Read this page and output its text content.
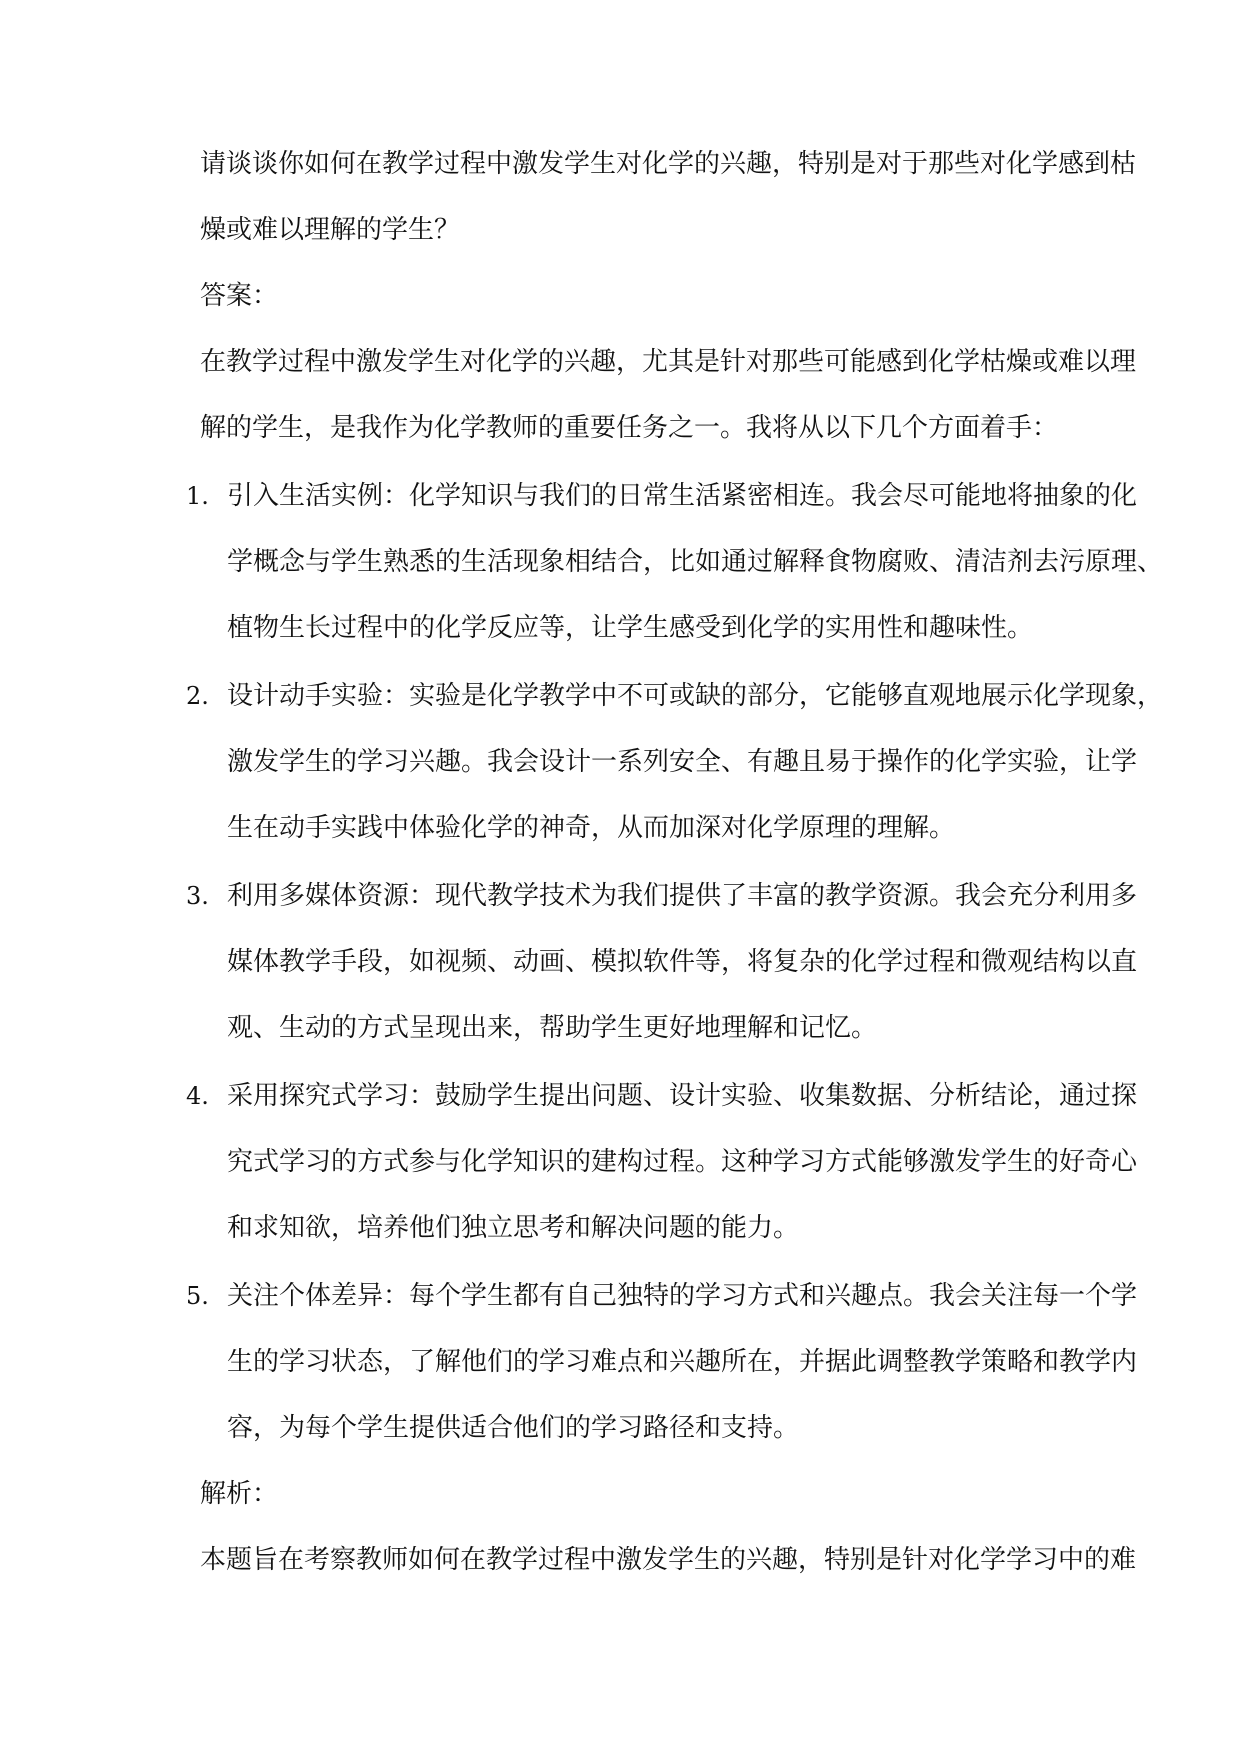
请谈谈你如何在教学过程中激发学生对化学的兴趣，特别是对于那些对化学感到枯
燥或难以理解的学生？
答案：
在教学过程中激发学生对化学的兴趣，尤其是针对那些可能感到化学枯燥或难以理
解的学生，是我作为化学教师的重要任务之一。我将从以下几个方面着手：
1. 引入生活实例：化学知识与我们的日常生活紧密相连。我会尽可能地将抽象的化
学概念与学生熟悉的生活现象相结合，比如通过解释食物腐败、清洁剂去污原理、
植物生长过程中的化学反应等，让学生感受到化学的实用性和趣味性。
2. 设计动手实验：实验是化学教学中不可或缺的部分，它能够直观地展示化学现象，
激发学生的学习兴趣。我会设计一系列安全、有趣且易于操作的化学实验，让学
生在动手实践中体验化学的神奇，从而加深对化学原理的理解。
3. 利用多媒体资源：现代教学技术为我们提供了丰富的教学资源。我会充分利用多
媒体教学手段，如视频、动画、模拟软件等，将复杂的化学过程和微观结构以直
观、生动的方式呈现出来，帮助学生更好地理解和记忆。
4. 采用探究式学习：鼓励学生提出问题、设计实验、收集数据、分析结论，通过探
究式学习的方式参与化学知识的建构过程。这种学习方式能够激发学生的好奇心
和求知欲，培养他们独立思考和解决问题的能力。
5. 关注个体差异：每个学生都有自己独特的学习方式和兴趣点。我会关注每一个学
生的学习状态，了解他们的学习难点和兴趣所在，并据此调整教学策略和教学内
容，为每个学生提供适合他们的学习路径和支持。
解析：
本题旨在考察教师如何在教学过程中激发学生的兴趣，特别是针对化学学习中的难
